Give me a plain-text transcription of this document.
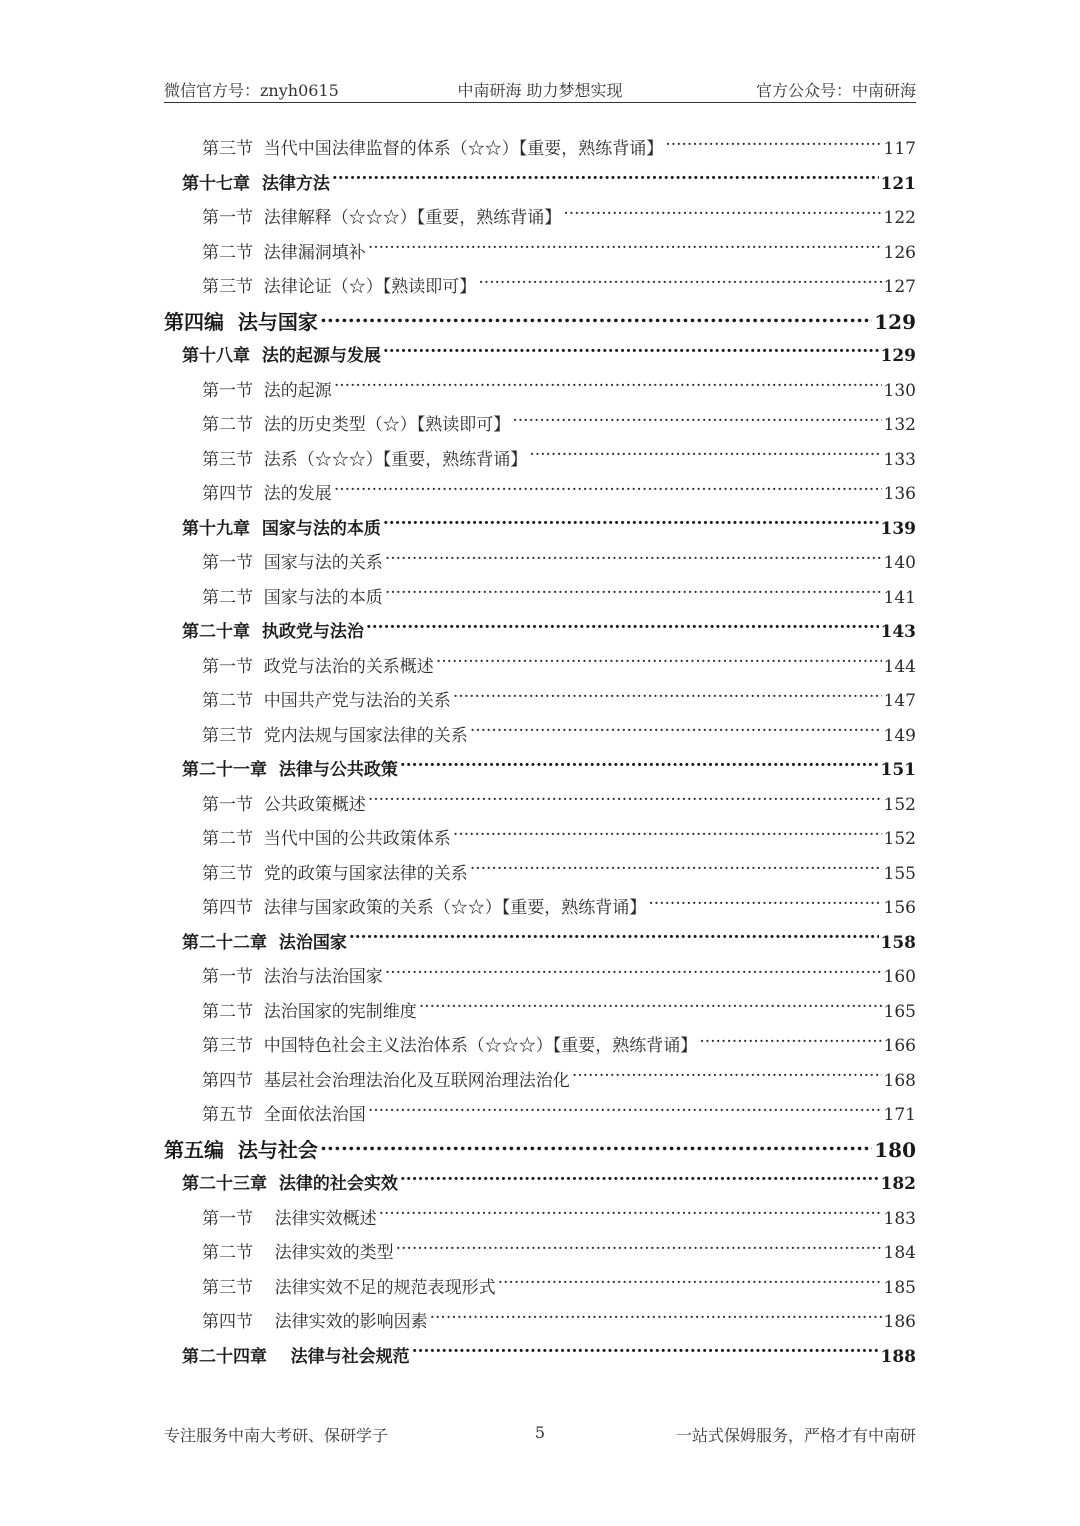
微信官方号：znyh0615	中南研海 助力梦想实现	官方公众号：中南研海
第三节  当代中国法律监督的体系（☆☆）【重要，熟练背诵】 .....	117
第十七章  法律方法 .....	121
第一节  法律解释（☆☆☆）【重要，熟练背诵】 .....	122
第二节  法律漏洞填补 .....	126
第三节  法律论证（☆）【熟读即可】 .....	127
第四编  法与国家 .....	129
第十八章  法的起源与发展 .....	129
第一节  法的起源 .....	130
第二节  法的历史类型（☆）【熟读即可】 .....	132
第三节  法系（☆☆☆）【重要，熟练背诵】 .....	133
第四节  法的发展 .....	136
第十九章  国家与法的本质 .....	139
第一节  国家与法的关系 .....	140
第二节  国家与法的本质 .....	141
第二十章  执政党与法治 .....	143
第一节  政党与法治的关系概述 .....	144
第二节  中国共产党与法治的关系 .....	147
第三节  党内法规与国家法律的关系 .....	149
第二十一章  法律与公共政策 .....	151
第一节  公共政策概述 .....	152
第二节  当代中国的公共政策体系 .....	152
第三节  党的政策与国家法律的关系 .....	155
第四节  法律与国家政策的关系（☆☆）【重要，熟练背诵】 .....	156
第二十二章  法治国家 .....	158
第一节  法治与法治国家 .....	160
第二节  法治国家的宪制维度 .....	165
第三节  中国特色社会主义法治体系（☆☆☆）【重要，熟练背诵】 .....	166
第四节  基层社会治理法治化及互联网治理法治化 .....	168
第五节  全面依法治国 .....	171
第五编  法与社会 .....	180
第二十三章  法律的社会实效 .....	182
第一节    法律实效概述 .....	183
第二节    法律实效的类型 .....	184
第三节    法律实效不足的规范表现形式 .....	185
第四节    法律实效的影响因素 .....	186
第二十四章    法律与社会规范 .....	188
专注服务中南大考研、保研学子	5	一站式保姆服务，严格才有中南研
